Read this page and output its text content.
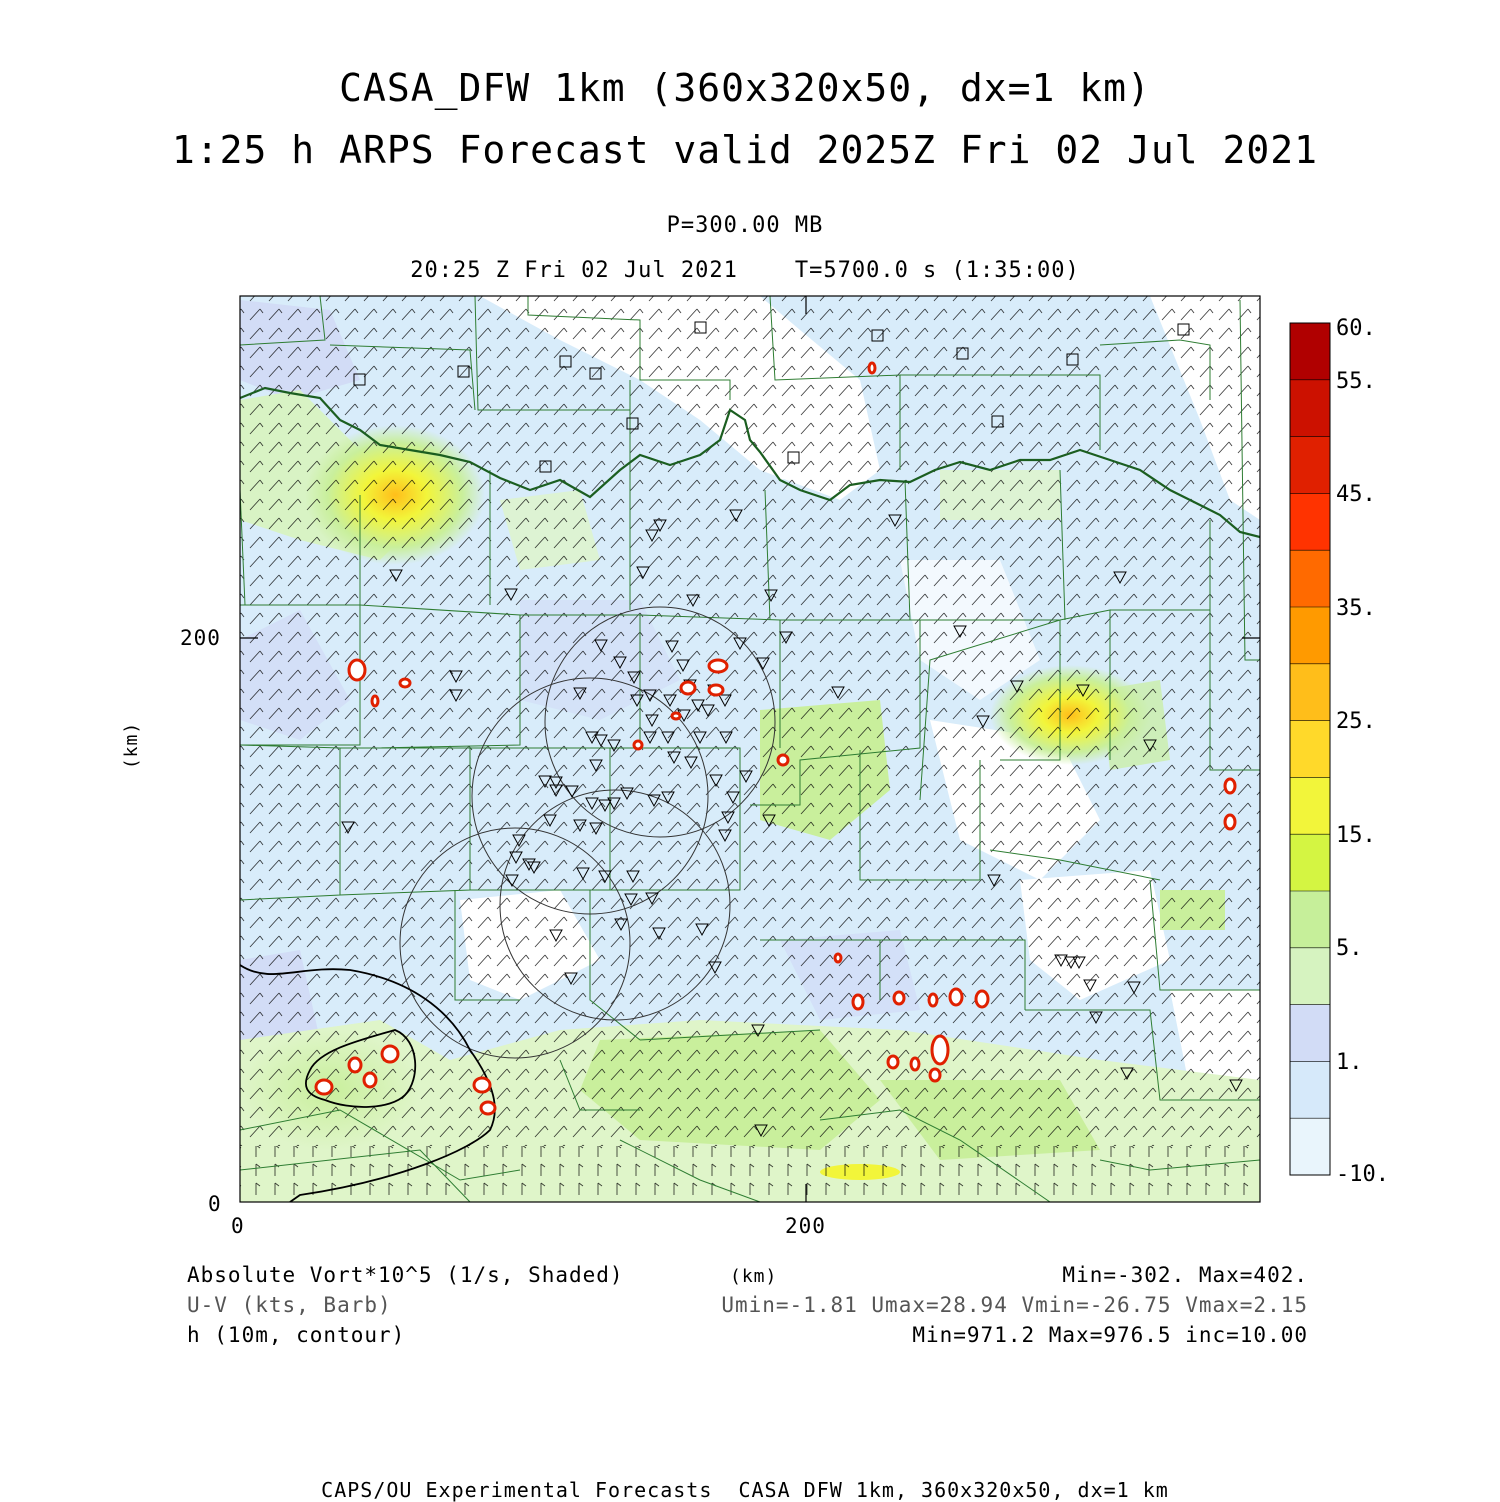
CASA_DFW 1km (360x320x50, dx=1 km)
1:25 h ARPS Forecast valid 2025Z Fri 02 Jul 2021
P=300.00 MB
20:25 Z Fri 02 Jul 2021    T=5700.0 s (1:35:00)
200
0
0	200
(km)
(km)
60.
55.
45.
35.
25.
15.
5.
1.
-10.
Absolute Vort*10^5 (1/s, Shaded)
U-V (kts, Barb)
h (10m, contour)
Min=-302. Max=402.
Umin=-1.81 Umax=28.94 Vmin=-26.75 Vmax=2.15
Min=971.2 Max=976.5 inc=10.00
CAPS/OU Experimental Forecasts  CASA DFW 1km, 360x320x50, dx=1 km
